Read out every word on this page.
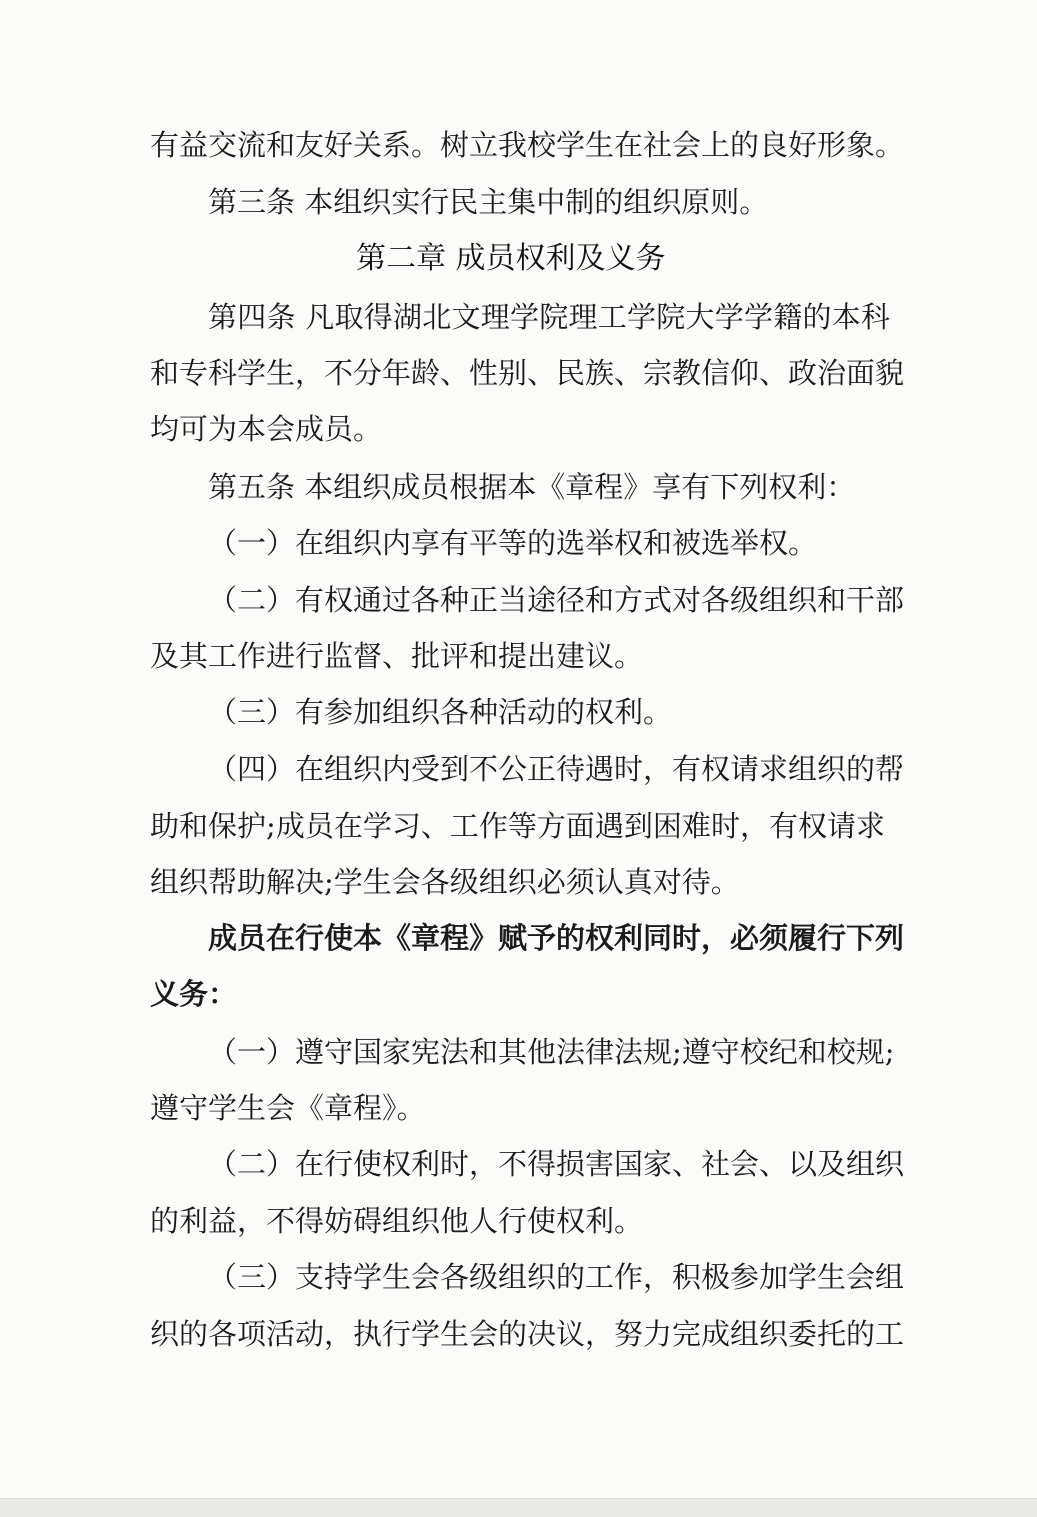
有益交流和友好关系。树立我校学生在社会上的良好形象。
第三条 本组织实行民主集中制的组织原则。
第二章 成员权利及义务
第四条 凡取得湖北文理学院理工学院大学学籍的本科
和专科学生，不分年龄、性别、民族、宗教信仰、政治面貌
均可为本会成员。
第五条 本组织成员根据本《章程》享有下列权利：
（一）在组织内享有平等的选举权和被选举权。
（二）有权通过各种正当途径和方式对各级组织和干部
及其工作进行监督、批评和提出建议。
（三）有参加组织各种活动的权利。
（四）在组织内受到不公正待遇时，有权请求组织的帮
助和保护;成员在学习、工作等方面遇到困难时，有权请求
组织帮助解决;学生会各级组织必须认真对待。
成员在行使本《章程》赋予的权利同时，必须履行下列
义务：
（一）遵守国家宪法和其他法律法规;遵守校纪和校规;
遵守学生会《章程》。
（二）在行使权利时，不得损害国家、社会、以及组织
的利益，不得妨碍组织他人行使权利。
（三）支持学生会各级组织的工作，积极参加学生会组
织的各项活动，执行学生会的决议，努力完成组织委托的工
